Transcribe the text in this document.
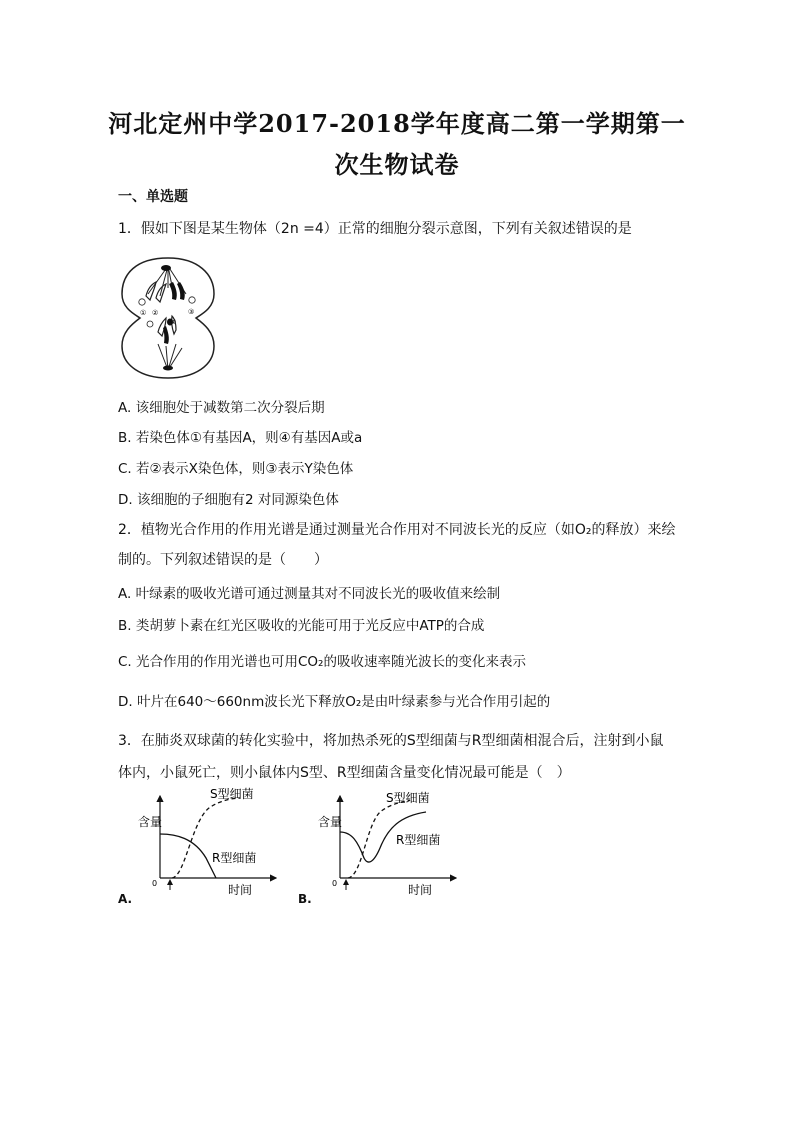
河北定州中学2017-2018学年度高二第一学期第一
次生物试卷
一、单选题
1．假如下图是某生物体（2n =4）正常的细胞分裂示意图，下列有关叙述错误的是
① ②	③
④
A. 该细胞处于减数第二次分裂后期
B. 若染色体①有基因A，则④有基因A或a
C. 若②表示X染色体，则③表示Y染色体
D. 该细胞的子细胞有2 对同源染色体
2．植物光合作用的作用光谱是通过测量光合作用对不同波长光的反应（如O₂的释放）来绘
制的。下列叙述错误的是（　　）
A. 叶绿素的吸收光谱可通过测量其对不同波长光的吸收值来绘制
B. 类胡萝卜素在红光区吸收的光能可用于光反应中ATP的合成
C. 光合作用的作用光谱也可用CO₂的吸收速率随光波长的变化来表示
D. 叶片在640～660nm波长光下释放O₂是由叶绿素参与光合作用引起的
3．在肺炎双球菌的转化实验中，将加热杀死的S型细菌与R型细菌相混合后，注射到小鼠
体内，小鼠死亡，则小鼠体内S型、R型细菌含量变化情况最可能是（　）
S型细菌
R型细菌
含量
时间
0
A.
S型细菌
R型细菌
含量
时间
0
B.
